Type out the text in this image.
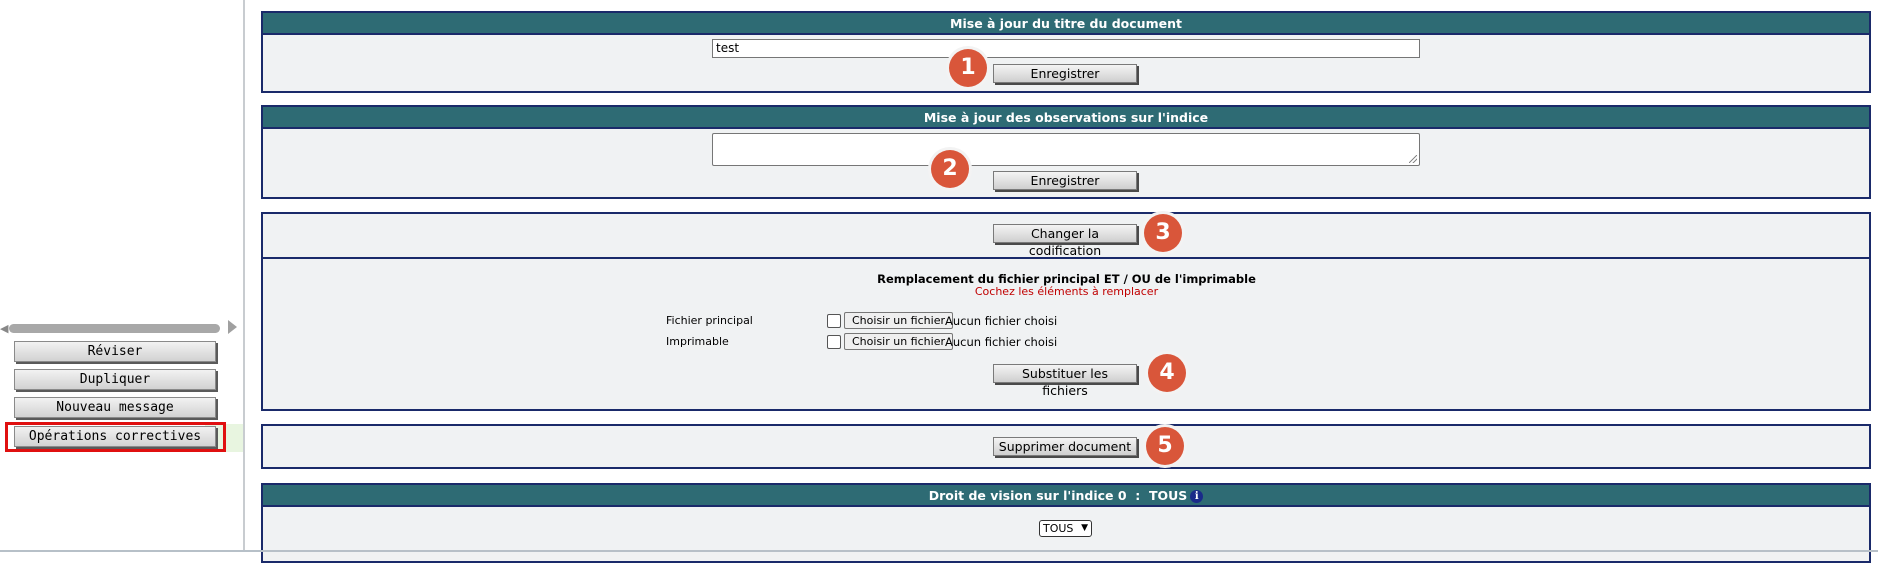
◀
Réviser
Dupliquer
Nouveau message
Opérations correctives
Mise à jour du titre du document
test
Enregistrer
1
Mise à jour des observations sur l'indice
Enregistrer
2
Changer la codification
3
Remplacement du fichier principal ET / OU de l'imprimable
Cochez les éléments à remplacer
Fichier principal	Choisir un fichier Aucun fichier choisi
Imprimable	Choisir un fichier Aucun fichier choisi
Substituer les fichiers
4
Supprimer document	5
Droit de vision sur l'indice 0  :  TOUS i
TOUS ▼
